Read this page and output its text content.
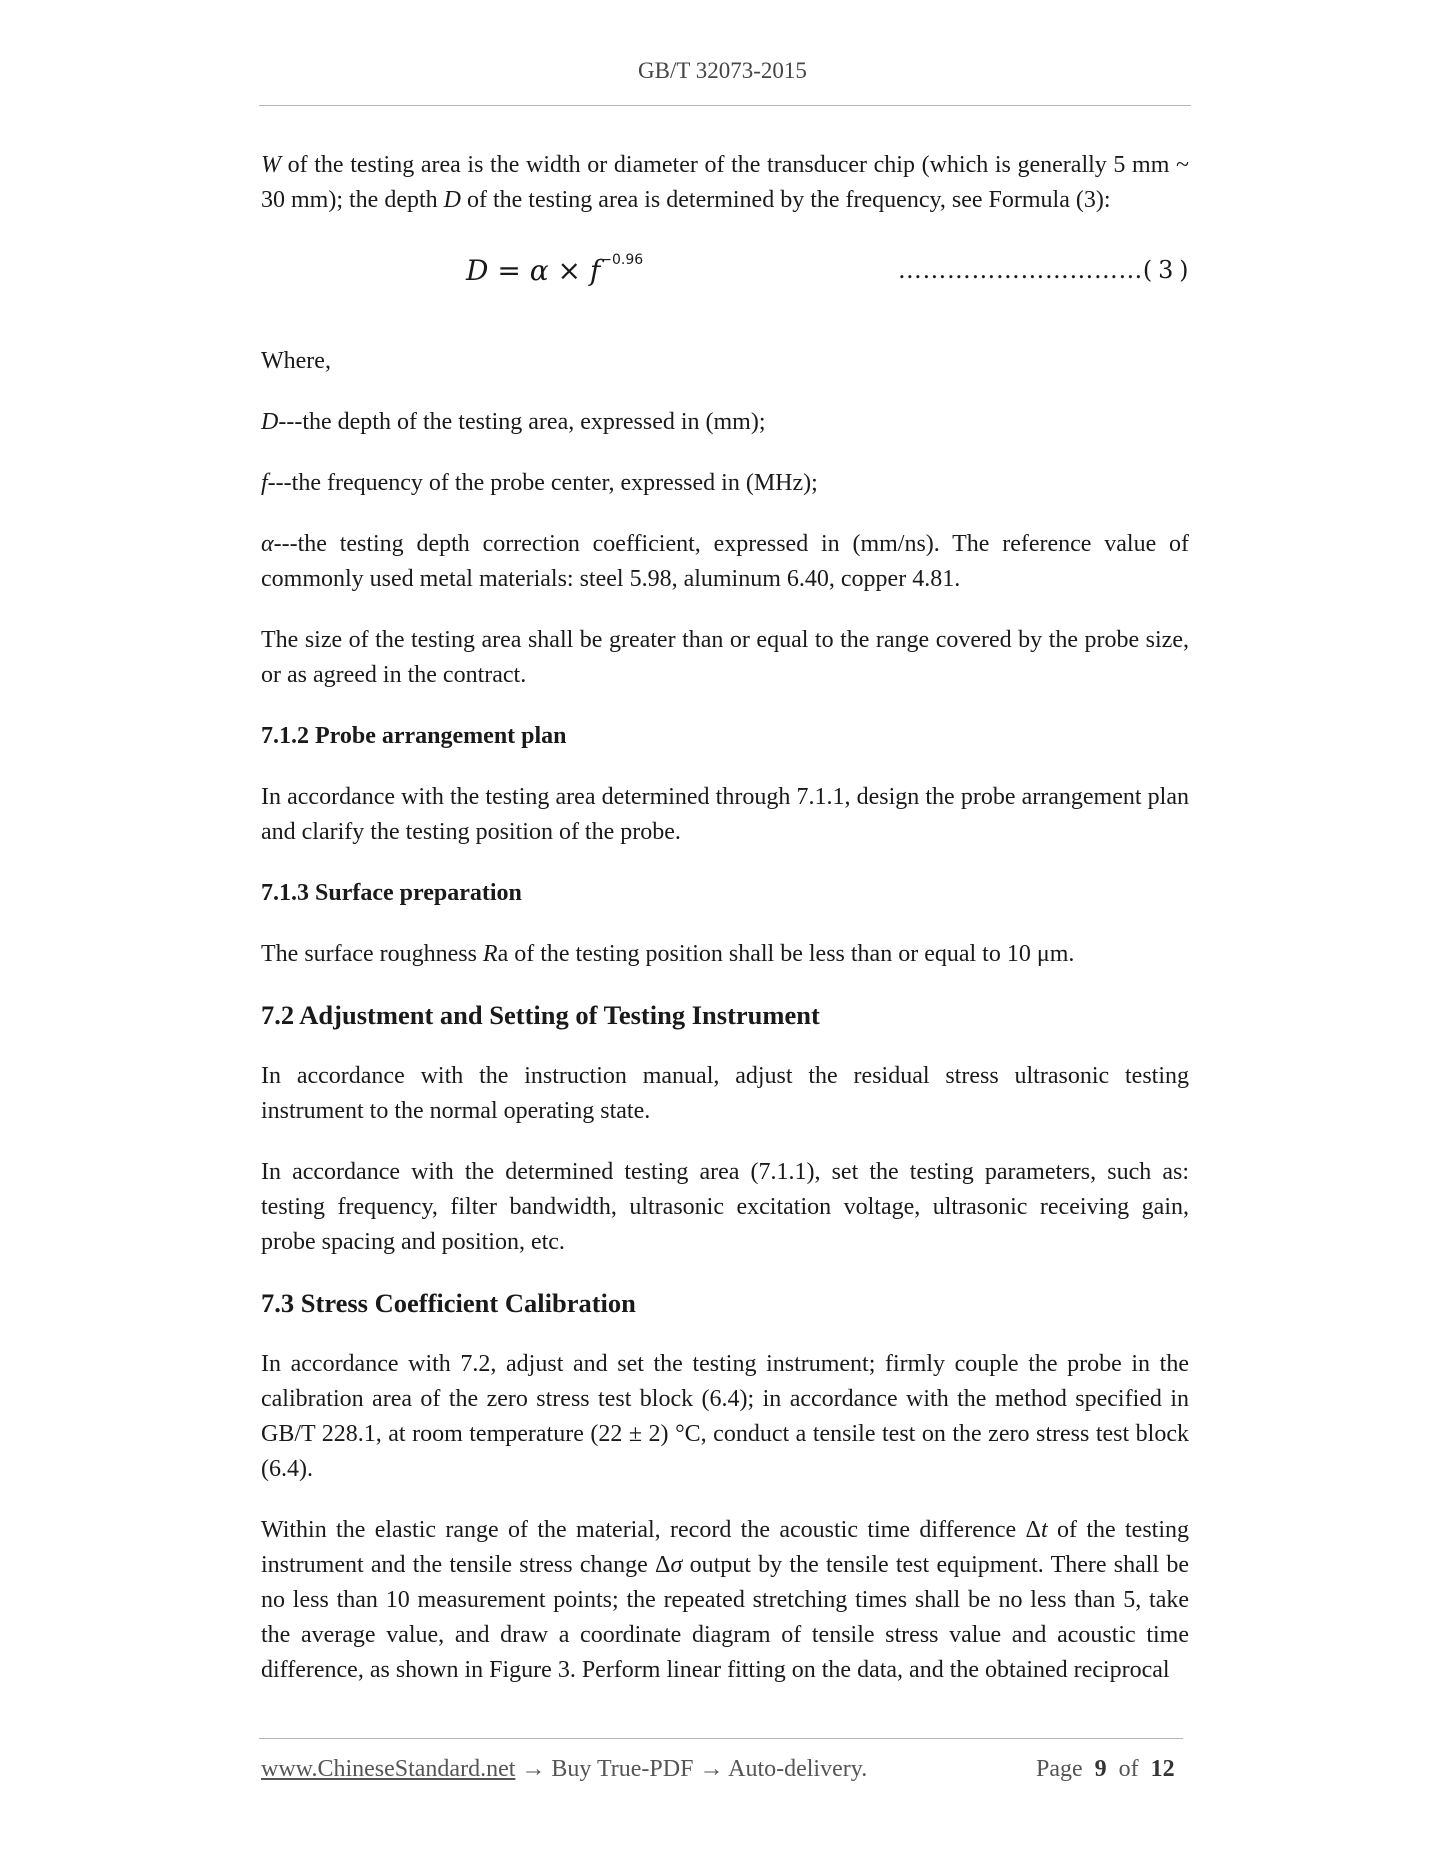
GB/T 32073-2015

W of the testing area is the width or diameter of the transducer chip (which is generally 5 mm ~ 30 mm); the depth D of the testing area is determined by the frequency, see Formula (3):

$D = \alpha \times f^{-0.96}$	…………………………( 3 )

Where,

D---the depth of the testing area, expressed in (mm);

f---the frequency of the probe center, expressed in (MHz);

α---the testing depth correction coefficient, expressed in (mm/ns). The reference value of commonly used metal materials: steel 5.98, aluminum 6.40, copper 4.81.

The size of the testing area shall be greater than or equal to the range covered by the probe size, or as agreed in the contract.

7.1.2 Probe arrangement plan

In accordance with the testing area determined through 7.1.1, design the probe arrangement plan and clarify the testing position of the probe.

7.1.3 Surface preparation

The surface roughness Ra of the testing position shall be less than or equal to 10 μm.

7.2 Adjustment and Setting of Testing Instrument

In accordance with the instruction manual, adjust the residual stress ultrasonic testing instrument to the normal operating state.

In accordance with the determined testing area (7.1.1), set the testing parameters, such as: testing frequency, filter bandwidth, ultrasonic excitation voltage, ultrasonic receiving gain, probe spacing and position, etc.

7.3 Stress Coefficient Calibration

In accordance with 7.2, adjust and set the testing instrument; firmly couple the probe in the calibration area of the zero stress test block (6.4); in accordance with the method specified in GB/T 228.1, at room temperature (22 ± 2) °C, conduct a tensile test on the zero stress test block (6.4).

Within the elastic range of the material, record the acoustic time difference Δt of the testing instrument and the tensile stress change Δσ output by the tensile test equipment. There shall be no less than 10 measurement points; the repeated stretching times shall be no less than 5, take the average value, and draw a coordinate diagram of tensile stress value and acoustic time difference, as shown in Figure 3. Perform linear fitting on the data, and the obtained reciprocal

www.ChineseStandard.net → Buy True-PDF → Auto-delivery.	Page 9 of 12
